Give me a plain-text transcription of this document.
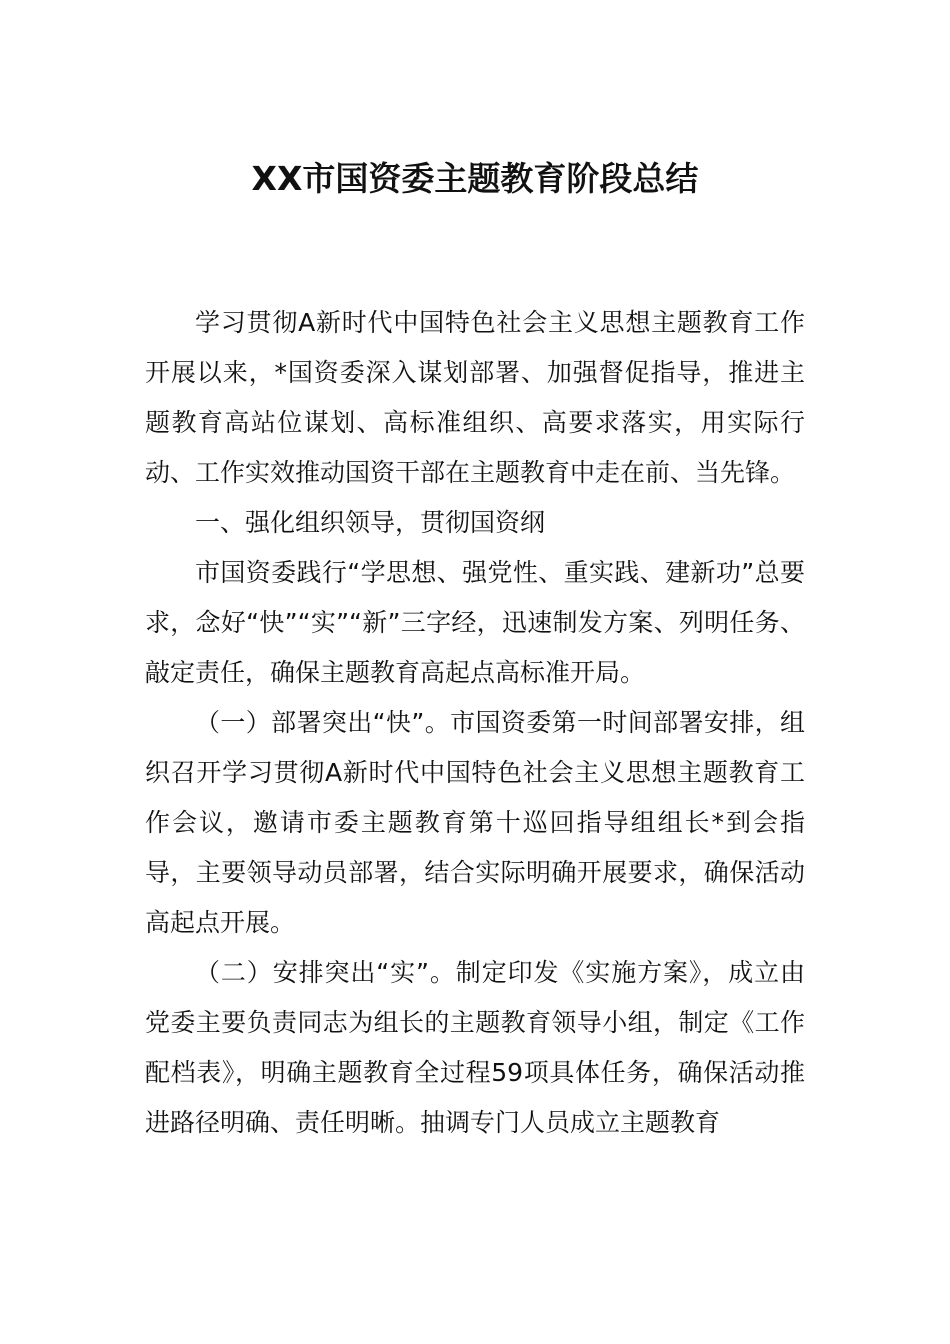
XX市国资委主题教育阶段总结

学习贯彻A新时代中国特色社会主义思想主题教育工作开展以来，*国资委深入谋划部署、加强督促指导，推进主题教育高站位谋划、高标准组织、高要求落实，用实际行动、工作实效推动国资干部在主题教育中走在前、当先锋。

一、强化组织领导，贯彻国资纲

市国资委践行“学思想、强党性、重实践、建新功”总要求，念好“快”“实”“新”三字经，迅速制发方案、列明任务、敲定责任，确保主题教育高起点高标准开局。

（一）部署突出“快”。市国资委第一时间部署安排，组织召开学习贯彻A新时代中国特色社会主义思想主题教育工作会议，邀请市委主题教育第十巡回指导组组长*到会指导，主要领导动员部署，结合实际明确开展要求，确保活动高起点开展。

（二）安排突出“实”。制定印发《实施方案》，成立由党委主要负责同志为组长的主题教育领导小组，制定《工作配档表》，明确主题教育全过程59项具体任务，确保活动推进路径明确、责任明晰。抽调专门人员成立主题教育
